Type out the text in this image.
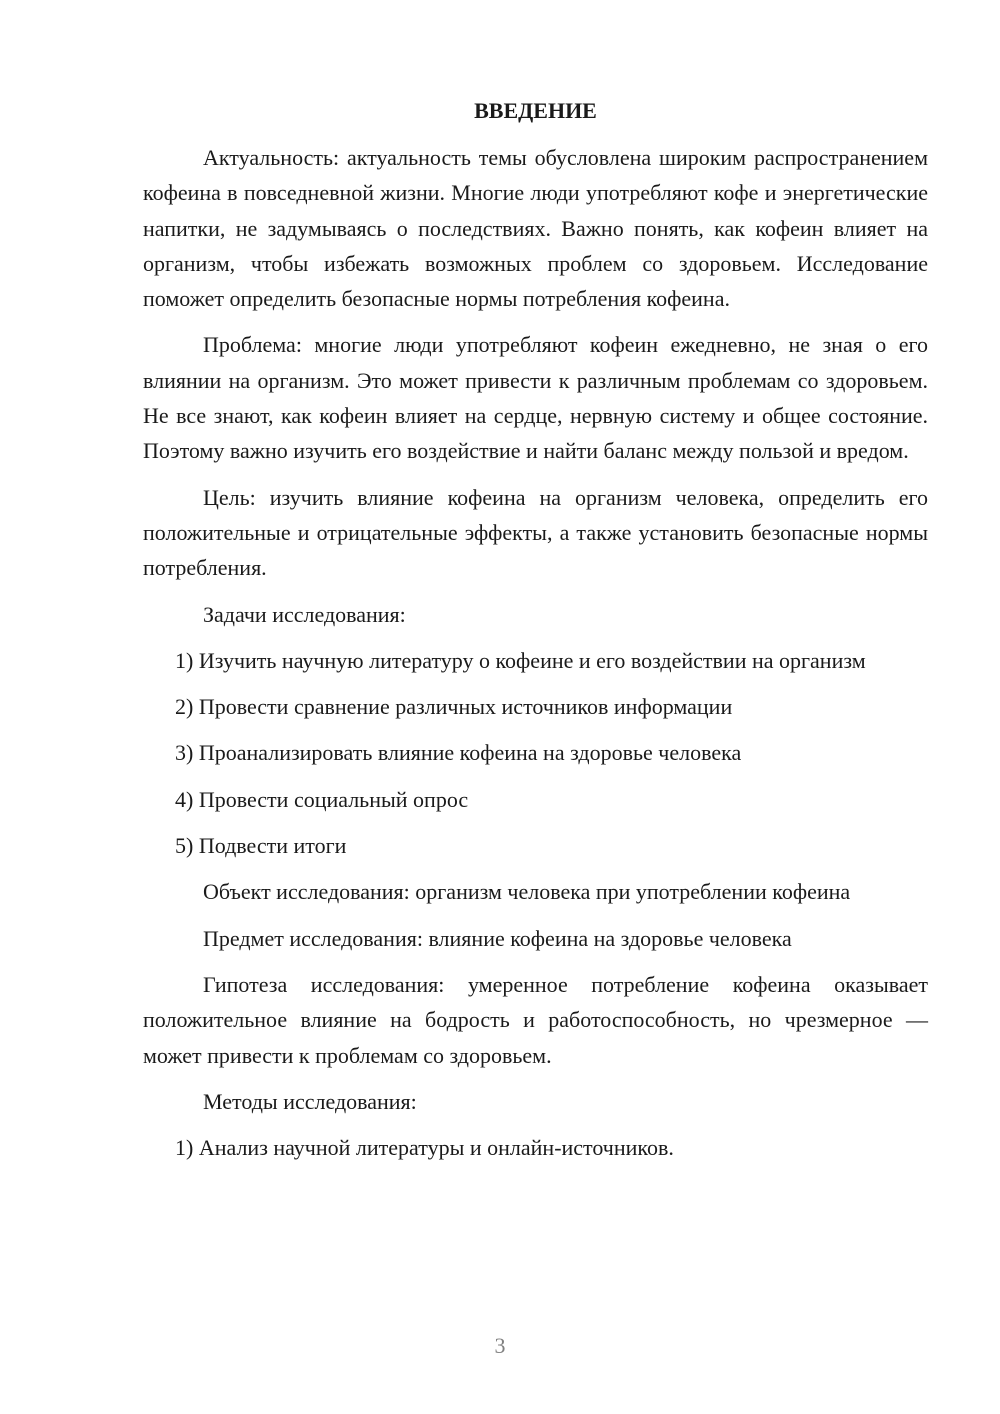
ВВЕДЕНИЕ

Актуальность: актуальность темы обусловлена широким распространением кофеина в повседневной жизни. Многие люди употребляют кофе и энергетические напитки, не задумываясь о последствиях. Важно понять, как кофеин влияет на организм, чтобы избежать возможных проблем со здоровьем. Исследование поможет определить безопасные нормы потребления кофеина.

Проблема: многие люди употребляют кофеин ежедневно, не зная о его влиянии на организм. Это может привести к различным проблемам со здоровьем. Не все знают, как кофеин влияет на сердце, нервную систему и общее состояние. Поэтому важно изучить его воздействие и найти баланс между пользой и вредом.

Цель: изучить влияние кофеина на организм человека, определить его положительные и отрицательные эффекты, а также установить безопасные нормы потребления.

Задачи исследования:

1) Изучить научную литературу о кофеине и его воздействии на организм

2) Провести сравнение различных источников информации

3) Проанализировать влияние кофеина на здоровье человека

4) Провести социальный опрос

5) Подвести итоги

Объект исследования: организм человека при употреблении кофеина

Предмет исследования: влияние кофеина на здоровье человека

Гипотеза исследования: умеренное потребление кофеина оказывает положительное влияние на бодрость и работоспособность, но чрезмерное — может привести к проблемам со здоровьем.

Методы исследования:

1) Анализ научной литературы и онлайн-источников.

3
